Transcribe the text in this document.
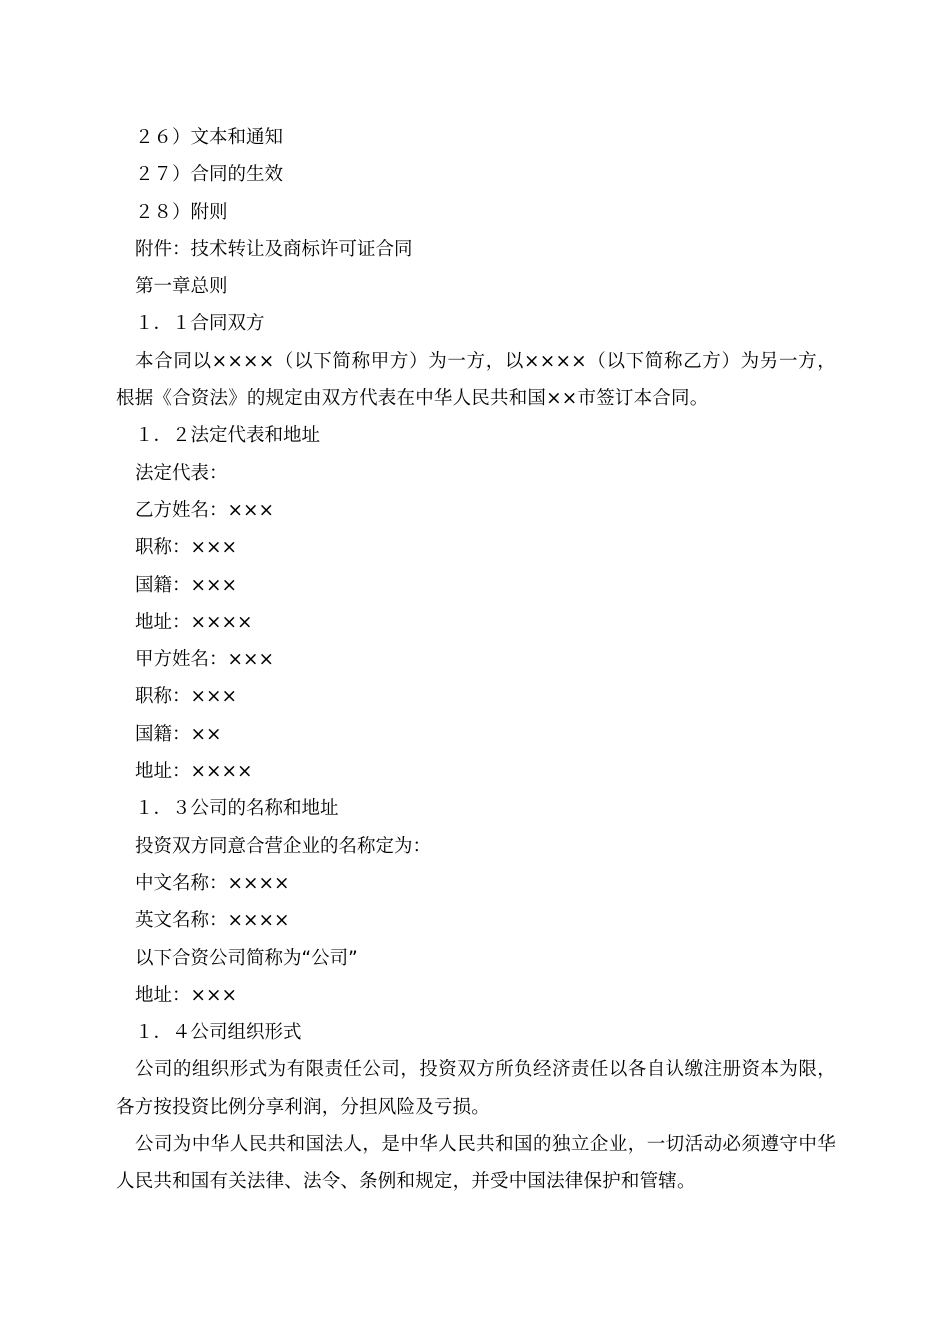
２６）文本和通知
２７）合同的生效
２８）附则
附件：技术转让及商标许可证合同
第一章总则
１．１合同双方
本合同以××××（以下简称甲方）为一方，以××××（以下简称乙方）为另一方，根据《合资法》的规定由双方代表在中华人民共和国××市签订本合同。
１．２法定代表和地址
法定代表：
乙方姓名：×××
职称：×××
国籍：×××
地址：××××
甲方姓名：×××
职称：×××
国籍：××
地址：××××
１．３公司的名称和地址
投资双方同意合营企业的名称定为：
中文名称：××××
英文名称：××××
以下合资公司简称为“公司”
地址：×××
１．４公司组织形式
公司的组织形式为有限责任公司，投资双方所负经济责任以各自认缴注册资本为限，各方按投资比例分享利润，分担风险及亏损。
公司为中华人民共和国法人，是中华人民共和国的独立企业，一切活动必须遵守中华人民共和国有关法律、法令、条例和规定，并受中国法律保护和管辖。
